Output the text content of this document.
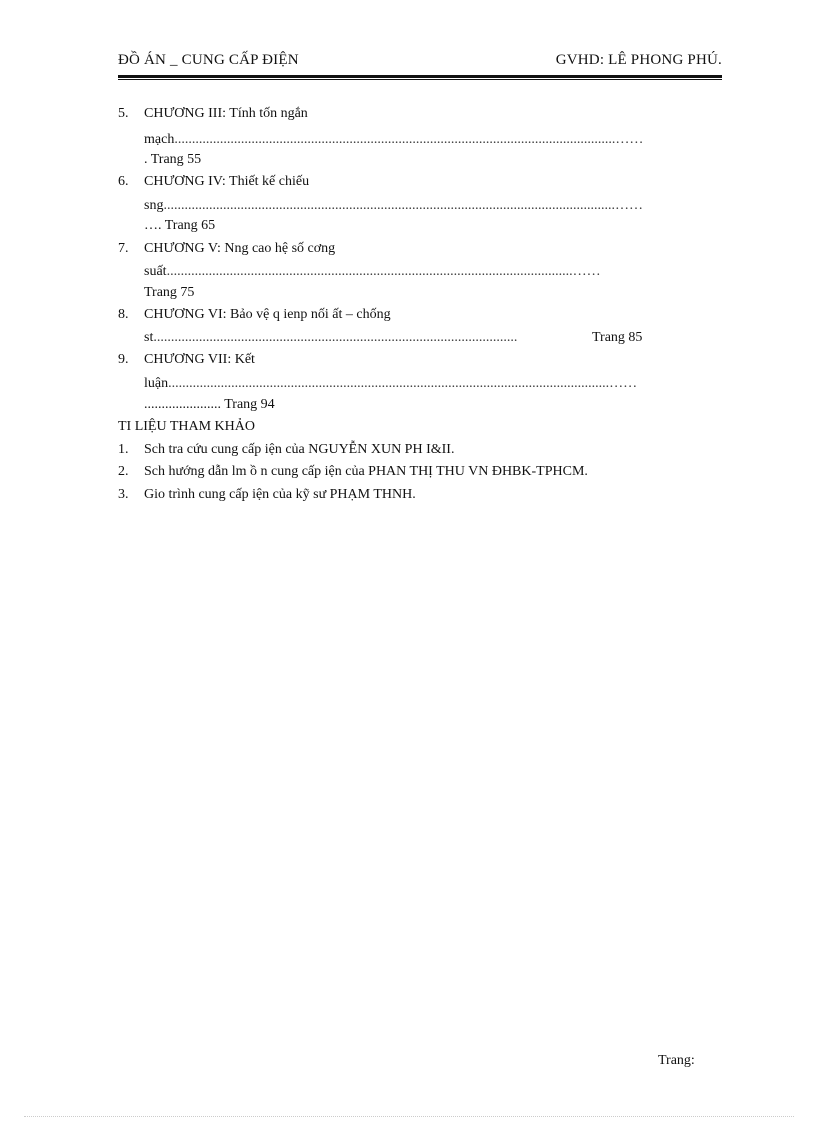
ĐỒ ÁN _ CUNG CẤP ĐIỆN	GVHD: LÊ PHONG PHÚ.
5. CHƯƠNG III: Tính tốn ngắn
mạch..............................................................................................................................……
. Trang 55
6. CHƯƠNG IV: Thiết kế chiếu
sng.................................................................................................................................……
…. Trang 65
7. CHƯƠNG V: Nng cao hệ số cơng
suất....................................................................................................................……
Trang 75
8. CHƯƠNG VI: Bảo vệ q ienp nối ất – chống
st........................................................................................................	Trang 85
9. CHƯƠNG VII: Kết
luận..............................................................................................................................……
...................... Trang 94
TI LIỆU THAM KHẢO
1. Sch tra cứu cung cấp iện của NGUYỄN XUN PH I&II.
2. Sch hướng dẫn lm ồ n cung cấp iện của PHAN THỊ THU VN ĐHBK-TPHCM.
3. Gio trình cung cấp iện của kỹ sư PHẠM THNH.
Trang:
